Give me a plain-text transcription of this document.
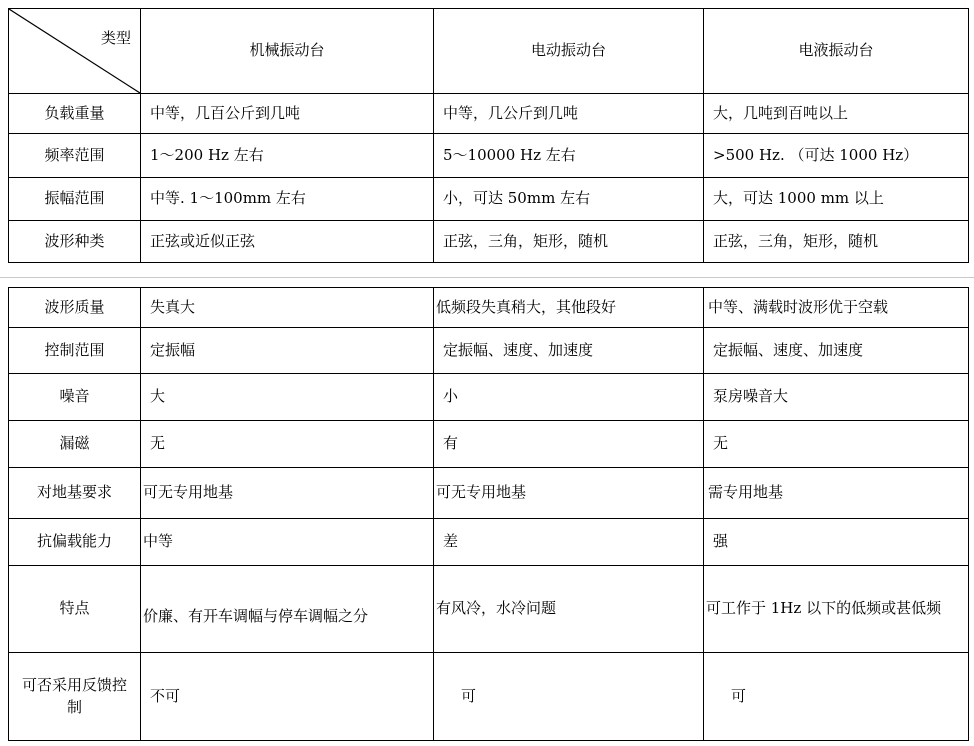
类型	机械振动台	电动振动台	电液振动台
负载重量	中等，几百公斤到几吨	中等，几公斤到几吨	大，几吨到百吨以上
频率范围	1～200 Hz 左右	5～10000 Hz 左右	>500 Hz. （可达 1000 Hz）
振幅范围	中等. 1～100mm 左右	小，可达 50mm 左右	大，可达 1000 mm 以上
波形种类	正弦或近似正弦	正弦，三角，矩形，随机	正弦，三角，矩形，随机
波形质量	失真大	低频段失真稍大，其他段好	中等、满载时波形优于空载
控制范围	定振幅	定振幅、速度、加速度	定振幅、速度、加速度
噪音	大	小	泵房噪音大
漏磁	无	有	无
对地基要求	可无专用地基	可无专用地基	需专用地基
抗偏载能力	中等	差	强
特点	价廉、有开车调幅与停车调幅之分	有风冷，水冷问题	可工作于 1Hz 以下的低频或甚低频
可否采用反馈控制	不可	可	可
